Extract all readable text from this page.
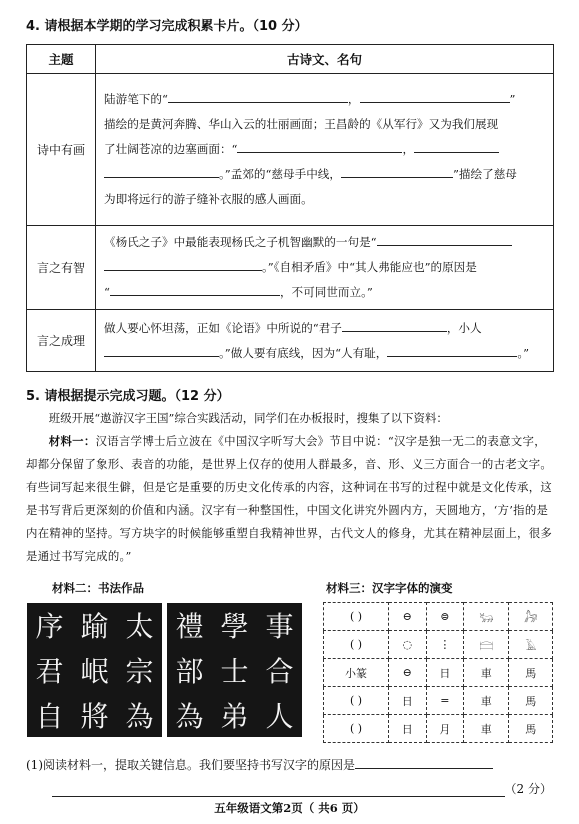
4. 请根据本学期的学习完成积累卡片。（10 分）
主题	古诗文、名句
诗中有画	陆游笔下的“ ， ”
描绘的是黄河奔腾、华山入云的壮丽画面；王昌龄的《从军行》又为我们展现
了壮阔苍凉的边塞画面：“ ，
。”孟郊的“慈母手中线， ”描绘了慈母
为即将远行的游子缝补衣服的感人画面。

言之有智	《杨氏之子》中最能表现杨氏之子机智幽默的一句是“
。”《自相矛盾》中“其人弗能应也”的原因是
“ ，不可同世而立。”

言之成理	做人要心怀坦荡，正如《论语》中所说的“君子 ，小人
。”做人要有底线，因为“人有耻， 。”
5. 请根据提示完成习题。（12 分）
班级开展“遨游汉字王国”综合实践活动，同学们在办板报时，搜集了以下资料：
材料一：汉语言学博士后立波在《中国汉字听写大会》节目中说：“汉字是独一无二的表意文字，却都分保留了象形、表音的功能，是世界上仅存的使用人群最多，音、形、义三方面合一的古老文字。有些词写起来很生僻，但是它是重要的历史文化传承的内容，这种词在书写的过程中就是文化传承，这是书写背后更深刻的价值和内涵。汉字有一种整国性，中国文化讲究外圆内方，天圆地方，‘方’指的是内在精神的坚持。写方块字的时候能够重塑自我精神世界，古代文人的修身，尤其在精神层面上，很多是通过书写完成的。”
材料二：书法作品	材料三：汉字字体的演变
序 踰 太
君 岷 宗
自 將 為
禮 學 事
部 士 合
為 弟 人
( )	⊖	⊜	𓃒	𓃗
( )	◌	⋮	𓊭	𓄿
小篆	⊖	日	車	馬
( )	日	=	車	馬
( )	日	月	車	馬
(1)阅读材料一，提取关键信息。我们要坚持书写汉字的原因是
（2 分）
五年级语文第2页（ 共6 页）
